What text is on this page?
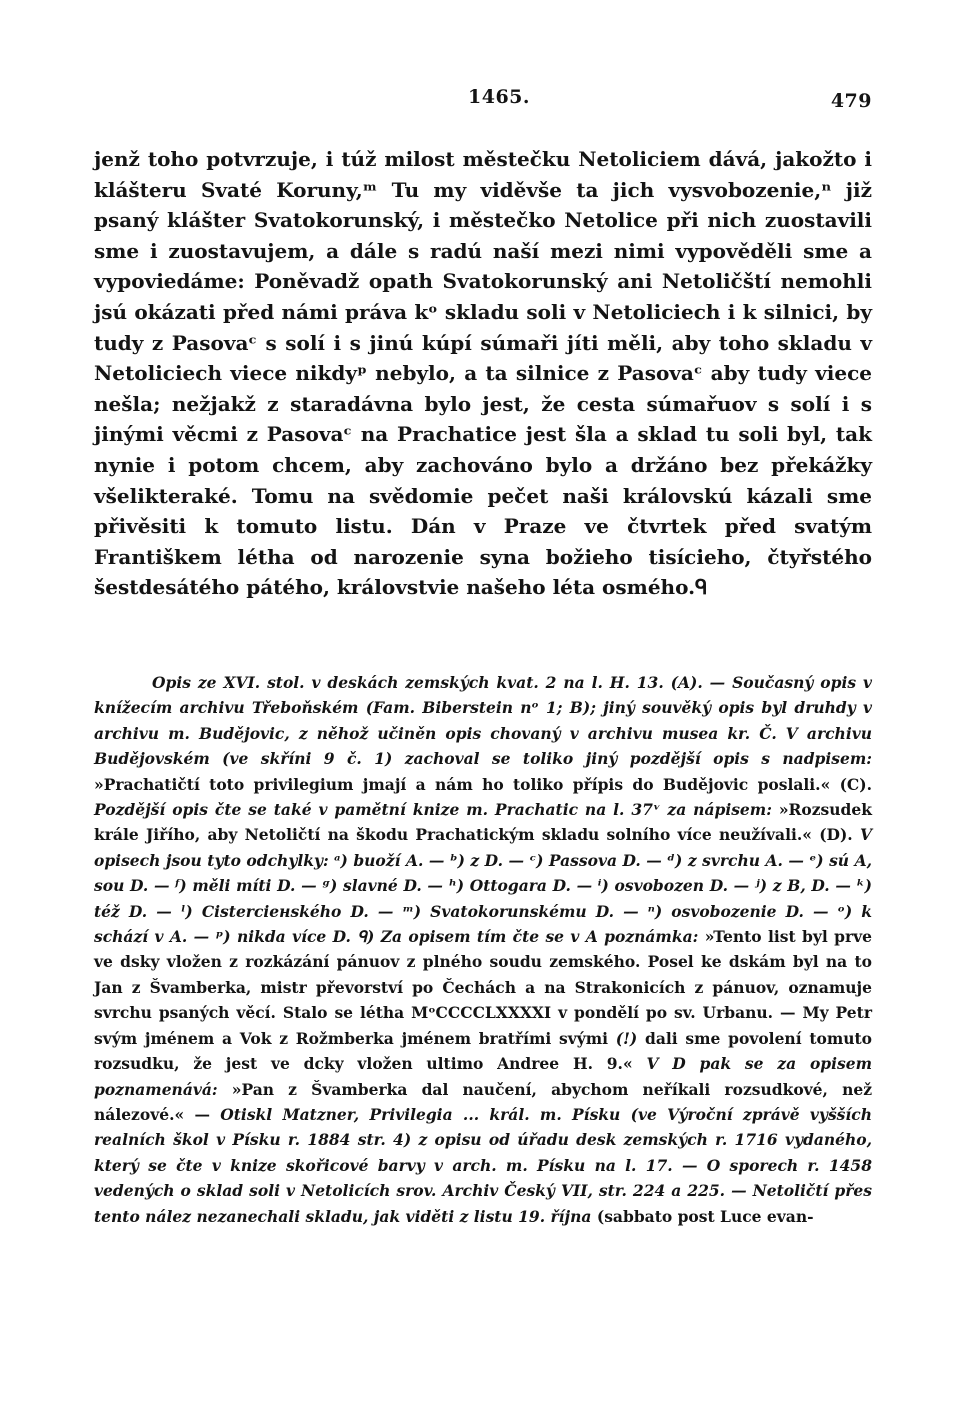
1465.	479

jenž toho potvrzuje, i túž milost městečku Netoliciem dává, jakožto i klášteru Svaté Koruny,ᵐ Tu my viděvše ta jich vysvobozenie,ⁿ již psaný klášter Svatokorunský, i městečko Netolice při nich zuostavili sme i zuostavujem, a dále s radú naší mezi nimi vypověděli sme a vypoviedáme: Poněvadž opath Svatokorunský ani Netoličští nemohli jsú okázati před námi práva kᵒ skladu soli v Netoliciech i k silnici, by tudy z Pasovaᶜ s solí i s jinú kúpí súmaři jíti měli, aby toho skladu v Netoliciech viece nikdyᵖ nebylo, a ta silnice z Pasovaᶜ aby tudy viece nešla; nežjakž z staradávna bylo jest, že cesta súmařuov s solí i s jinými věcmi z Pasovaᶜ na Prachatice jest šla a sklad tu soli byl, tak nynie i potom chcem, aby zachováno bylo a držáno bez překážky všelikteraké. Tomu na svědomie pečet naši královskú kázali sme přivěsiti k tomuto listu. Dán v Praze ve čtvrtek před svatým Františkem létha od narozenie syna božieho tisícieho, čtyřstého šestdesátého pátého, královstvie našeho léta osmého.ᑫ

Opis ze XVI. stol. v deskách zemských kvat. 2 na l. H. 13. (A). — Současný opis v knížecím archivu Třeboňském (Fam. Biberstein nᵒ 1; B); jiný souvěký opis byl druhdy v archivu m. Budějovic, z něhož učiněn opis chovaný v archivu musea kr. Č. V archivu Budějovském (ve skříni 9 č. 1) zachoval se toliko jiný pozdější opis s nadpisem: »Prachatičtí toto privilegium jmají a nám ho toliko přípis do Budějovic poslali.« (C). Pozdější opis čte se také v pamětní knize m. Prachatic na l. 37ᵛ za nápisem: »Rozsudek krále Jiřího, aby Netoličtí na škodu Prachatickým skladu solního více neužívali.« (D). V opisech jsou tyto odchylky: ᵃ) buoží A. — ᵇ) z D. — ᶜ) Passova D. — ᵈ) z svrchu A. — ᵉ) sú A, sou D. — ᶠ) měli míti D. — ᵍ) slavné D. — ʰ) Ottogara D. — ⁱ) osvobozen D. — ʲ) z B, D. — ᵏ) též D. — ˡ) Cisterciенského D. — ᵐ) Svatokorunskému D. — ⁿ) osvobozenie D. — ᵒ) k schází v A. — ᵖ) nikda více D. ᑫ) Za opisem tím čte se v A poznámka: »Tento list byl prve ve dsky vložen z rozkázání pánuov z plného soudu zemského. Posel ke dskám byl na to Jan z Švamberka, mistr převorství po Čechách a na Strakonicích z pánuov, oznamuje svrchu psaných věcí. Stalo se létha MᵒCCCCLXXXXI v pondělí po sv. Urbanu. — My Petr svým jménem a Vok z Rožmberka jménem bratřími svými (!) dali sme povolení tomuto rozsudku, že jest ve dcky vložen ultimo Andree H. 9.« V D pak se za opisem poznamenává: »Pan z Švamberka dal naučení, abychom neříkali rozsudkové, než nálezové.« — Otiskl Matzner, Privilegia ... král. m. Písku (ve Výroční zprávě vyšších realních škol v Písku r. 1884 str. 4) z opisu od úřadu desk zemských r. 1716 vydaného, který se čte v knize skořicové barvy v arch. m. Písku na l. 17. — O sporech r. 1458 vedených o sklad soli v Netolicích srov. Archiv Český VII, str. 224 a 225. — Netoličtí přes tento nález nezanechali skladu, jak viděti z listu 19. října (sabbato post Luce evan-
